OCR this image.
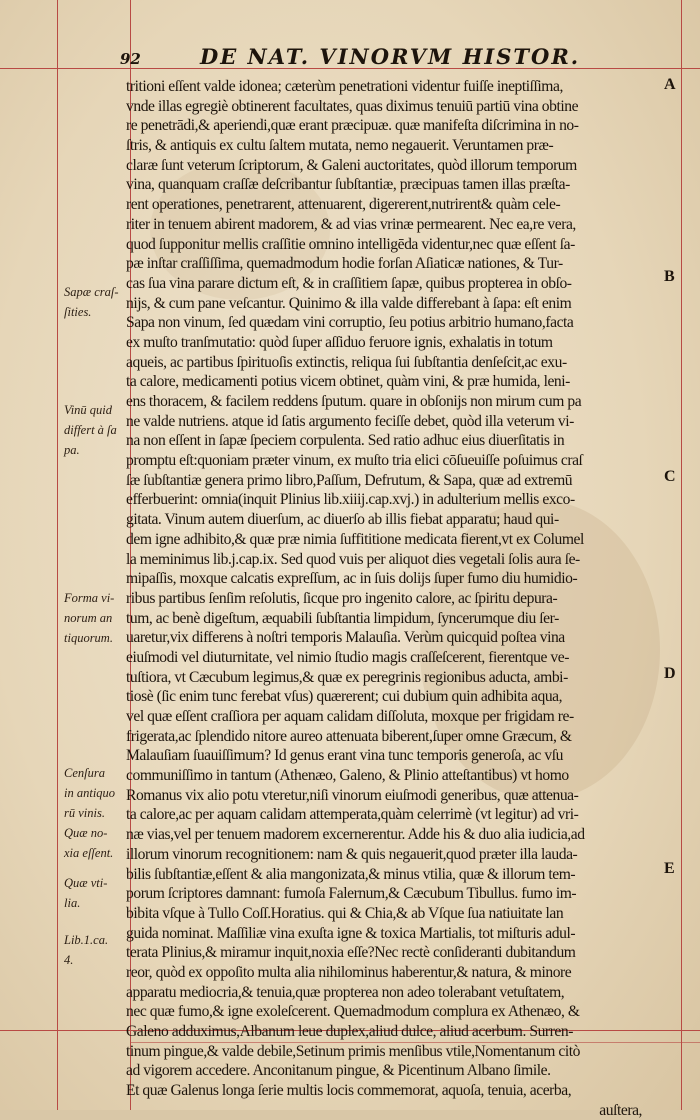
92	DE NAT. VINORVM HISTOR.
Sapæ craſ-
ſities.
Vinū quid
differt à ſa
pa.
Forma vi-
norum an
tiquorum.
Cenſura
in antiquo
rū vinis.
Quæ no-
xia eſſent.
Quæ vti-
lia.
Lib.1.ca.
4.
A
B
C
D
E
tritioni eſſent valde idonea; cæterùm penetrationi videntur fuiſſe ineptiſſima,
vnde illas egregiè obtinerent facultates, quas diximus tenuiū partiū vina obtine
re penetrādi,& aperiendi,quæ erant præcipuæ. quæ manifeſta diſcrimina in no-
ſtris, & antiquis ex cultu ſaltem mutata, nemo negauerit. Veruntamen præ-
claræ ſunt veterum ſcriptorum, & Galeni auctoritates, quòd illorum temporum
vina, quanquam craſſæ deſcribantur ſubſtantiæ, præcipuas tamen illas præſta-
rent operationes, penetrarent, attenuarent, digererent,nutrirent& quàm cele-
riter in tenuem abirent madorem, & ad vias vrinæ permearent. Nec ea,re vera,
quod ſupponitur mellis craſſitie omnino intelligēda videntur,nec quæ eſſent ſa-
pæ inſtar craſſiſſima, quemadmodum hodie forſan Aſiaticæ nationes, & Tur-
cas ſua vina parare dictum eſt, & in craſſitiem ſapæ, quibus propterea in obſo-
nijs, & cum pane veſcantur. Quinimo & illa valde differebant à ſapa: eſt enim
Sapa non vinum, ſed quædam vini corruptio, ſeu potius arbitrio humano,facta
ex muſto tranſmutatio: quòd ſuper aſſiduo feruore ignis, exhalatis in totum
aqueis, ac partibus ſpirituoſis extinctis, reliqua ſui ſubſtantia denſeſcit,ac exu-
ta calore, medicamenti potius vicem obtinet, quàm vini, & præ humida, leni-
ens thoracem, & facilem reddens ſputum. quare in obſonijs non mirum cum pa
ne valde nutriens. atque id ſatis argumento feciſſe debet, quòd illa veterum vi-
na non eſſent in ſapæ ſpeciem corpulenta. Sed ratio adhuc eius diuerſitatis in
promptu eſt:quoniam præter vinum, ex muſto tria elici cōſueuiſſe poſuimus craſ
ſæ ſubſtantiæ genera primo libro,Paſſum, Defrutum, & Sapa, quæ ad extremū
efferbuerint: omnia(inquit Plinius lib.xiiij.cap.xvj.) in adulterium mellis exco-
gitata. Vinum autem diuerſum, ac diuerſo ab illis fiebat apparatu; haud qui-
dem igne adhibito,& quæ præ nimia ſuffititione medicata fierent,vt ex Columel
la meminimus lib.j.cap.ix. Sed quod vuis per aliquot dies vegetali ſolis aura ſe-
mipaſſis, moxque calcatis expreſſum, ac in ſuis dolijs ſuper fumo diu humidio-
ribus partibus ſenſim reſolutis, ſicque pro ingenito calore, ac ſpiritu depura-
tum, ac benè digeſtum, æquabili ſubſtantia limpidum, ſyncerumque diu ſer-
uaretur,vix differens à noſtri temporis Malauſia. Verùm quicquid poſtea vina
eiuſmodi vel diuturnitate, vel nimio ſtudio magis craſſeſcerent, fierentque ve-
tuſtiora, vt Cæcubum legimus,& quæ ex peregrinis regionibus aducta, ambi-
tiosè (ſic enim tunc ferebat vſus) quærerent; cui dubium quin adhibita aqua,
vel quæ eſſent craſſiora per aquam calidam diſſoluta, moxque per frigidam re-
frigerata,ac ſplendido nitore aureo attenuata biberent,ſuper omne Græcum, &
Malauſiam ſuauiſſimum? Id genus erant vina tunc temporis generoſa, ac vſu
communiſſimo in tantum (Athenæo, Galeno, & Plinio atteſtantibus) vt homo
Romanus vix alio potu vteretur,niſi vinorum eiuſmodi generibus, quæ attenua-
ta calore,ac per aquam calidam attemperata,quàm celerrimè (vt legitur) ad vri-
næ vias,vel per tenuem madorem excernerentur. Adde his & duo alia iudicia,ad
illorum vinorum recognitionem: nam & quis negauerit,quod præter illa lauda-
bilis ſubſtantiæ,eſſent & alia mangonizata,& minus vtilia, quæ & illorum tem-
porum ſcriptores damnant: fumoſa Falernum,& Cæcubum Tibullus. fumo im-
bibita vſque à Tullo Coſſ.Horatius. qui & Chia,& ab Vſque ſua natiuitate lan
guida nominat. Maſſiliæ vina exuſta igne & toxica Martialis, tot miſturis adul-
terata Plinius,& miramur inquit,noxia eſſe?Nec rectè conſideranti dubitandum
reor, quòd ex oppoſito multa alia nihilominus haberentur,& natura, & minore
apparatu mediocria,& tenuia,quæ propterea non adeo tolerabant vetuſtatem,
nec quæ fumo,& igne exoleſcerent. Quemadmodum complura ex Athenæo, &
Galeno adduximus,Albanum leue duplex,aliud dulce, aliud acerbum. Surren-
tinum pingue,& valde debile,Setinum primis menſibus vtile,Nomentanum citò
ad vigorem accedere. Anconitanum pingue, & Picentinum Albano ſimile.
Et quæ Galenus longa ſerie multis locis commemorat, aquoſa, tenuia, acerba,
auſtera,
